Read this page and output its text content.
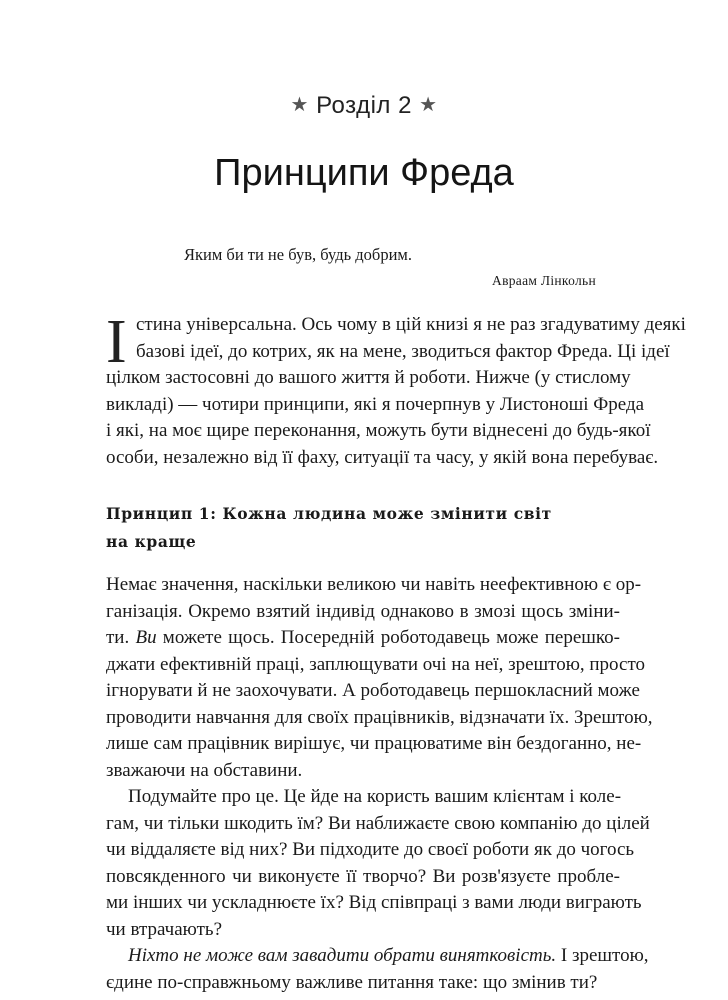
★ Розділ 2 ★
Принципи Фреда
Яким би ти не був, будь добрим.
Авраам Лінкольн
І стина універсальна. Ось чому в цій книзі я не раз згадуватиму деякі
базові ідеї, до котрих, як на мене, зводиться фактор Фреда. Ці ідеї
цілком застосовні до вашого життя й роботи. Нижче (у стислому
викладі) — чотири принципи, які я почерпнув у Листоноші Фреда
і які, на моє щире переконання, можуть бути віднесені до будь-якої
особи, незалежно від її фаху, ситуації та часу, у якій вона перебуває.
Принцип 1: Кожна людина може змінити світ
на краще
Немає значення, наскільки великою чи навіть неефективною є ор-
ганізація. Окремо взятий індивід однаково в змозі щось зміни-
ти. Ви можете щось. Посередній роботодавець може перешко-
джати ефективній праці, заплющувати очі на неї, зрештою, просто
ігнорувати й не заохочувати. А роботодавець першокласний може
проводити навчання для своїх працівників, відзначати їх. Зрештою,
лише сам працівник вирішує, чи працюватиме він бездоганно, не-
зважаючи на обставини.
Подумайте про це. Це йде на користь вашим клієнтам і коле-
гам, чи тільки шкодить їм? Ви наближаєте свою компанію до цілей
чи віддаляєте від них? Ви підходите до своєї роботи як до чогось
повсякденного чи виконуєте її творчо? Ви розв'язуєте пробле-
ми інших чи ускладнюєте їх? Від співпраці з вами люди виграють
чи втрачають?
Ніхто не може вам завадити обрати винятковість. І зрештою,
єдине по-справжньому важливе питання таке: що змінив ти?
